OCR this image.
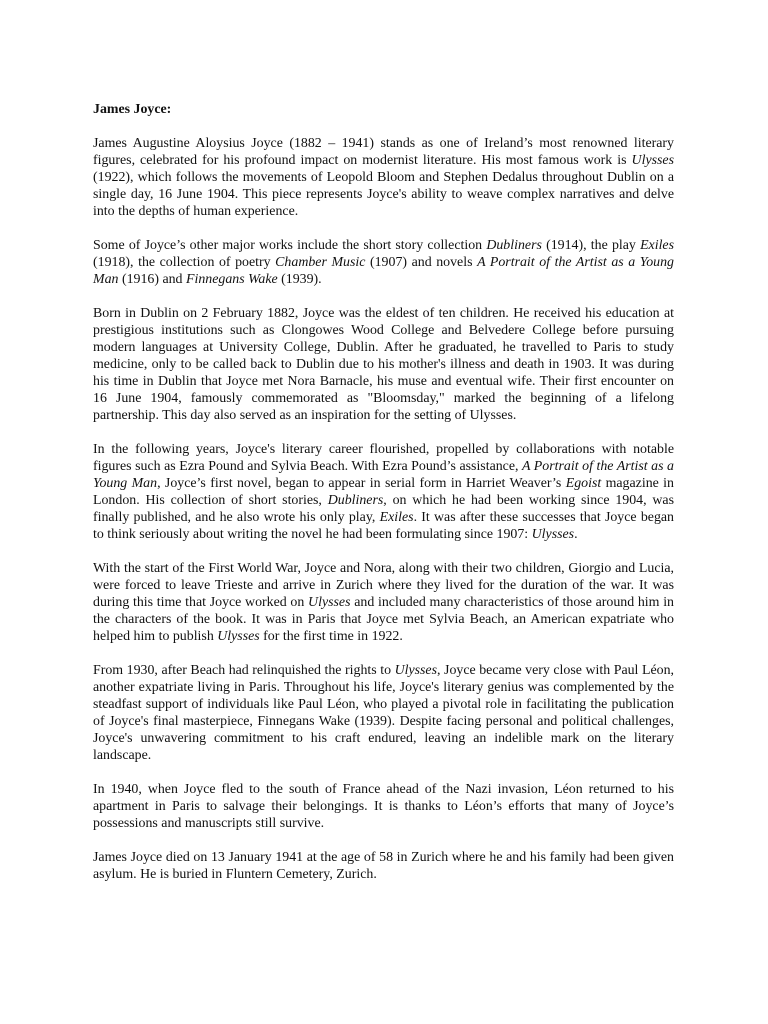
James Joyce:

James Augustine Aloysius Joyce (1882 – 1941) stands as one of Ireland’s most renowned literary figures, celebrated for his profound impact on modernist literature. His most famous work is Ulysses (1922), which follows the movements of Leopold Bloom and Stephen Dedalus throughout Dublin on a single day, 16 June 1904. This piece represents Joyce's ability to weave complex narratives and delve into the depths of human experience.

Some of Joyce’s other major works include the short story collection Dubliners (1914), the play Exiles (1918), the collection of poetry Chamber Music (1907) and novels A Portrait of the Artist as a Young Man (1916) and Finnegans Wake (1939).

Born in Dublin on 2 February 1882, Joyce was the eldest of ten children. He received his education at prestigious institutions such as Clongowes Wood College and Belvedere College before pursuing modern languages at University College, Dublin. After he graduated, he travelled to Paris to study medicine, only to be called back to Dublin due to his mother's illness and death in 1903. It was during his time in Dublin that Joyce met Nora Barnacle, his muse and eventual wife. Their first encounter on 16 June 1904, famously commemorated as "Bloomsday," marked the beginning of a lifelong partnership. This day also served as an inspiration for the setting of Ulysses.

In the following years, Joyce's literary career flourished, propelled by collaborations with notable figures such as Ezra Pound and Sylvia Beach. With Ezra Pound’s assistance, A Portrait of the Artist as a Young Man, Joyce’s first novel, began to appear in serial form in Harriet Weaver’s Egoist magazine in London. His collection of short stories, Dubliners, on which he had been working since 1904, was finally published, and he also wrote his only play, Exiles. It was after these successes that Joyce began to think seriously about writing the novel he had been formulating since 1907: Ulysses.

With the start of the First World War, Joyce and Nora, along with their two children, Giorgio and Lucia, were forced to leave Trieste and arrive in Zurich where they lived for the duration of the war. It was during this time that Joyce worked on Ulysses and included many characteristics of those around him in the characters of the book. It was in Paris that Joyce met Sylvia Beach, an American expatriate who helped him to publish Ulysses for the first time in 1922.

From 1930, after Beach had relinquished the rights to Ulysses, Joyce became very close with Paul Léon, another expatriate living in Paris. Throughout his life, Joyce's literary genius was complemented by the steadfast support of individuals like Paul Léon, who played a pivotal role in facilitating the publication of Joyce's final masterpiece, Finnegans Wake (1939). Despite facing personal and political challenges, Joyce's unwavering commitment to his craft endured, leaving an indelible mark on the literary landscape.

In 1940, when Joyce fled to the south of France ahead of the Nazi invasion, Léon returned to his apartment in Paris to salvage their belongings. It is thanks to Léon’s efforts that many of Joyce’s possessions and manuscripts still survive.

James Joyce died on 13 January 1941 at the age of 58 in Zurich where he and his family had been given asylum. He is buried in Fluntern Cemetery, Zurich.
